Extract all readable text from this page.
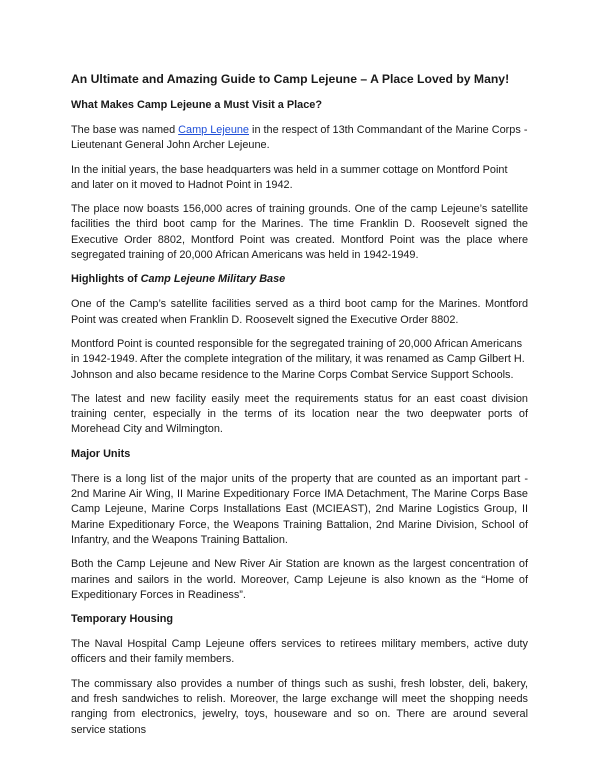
An Ultimate and Amazing Guide to Camp Lejeune – A Place Loved by Many!
What Makes Camp Lejeune a Must Visit a Place?

The base was named Camp Lejeune in the respect of 13th Commandant of the Marine Corps - Lieutenant General John Archer Lejeune.

In the initial years, the base headquarters was held in a summer cottage on Montford Point and later on it moved to Hadnot Point in 1942.

The place now boasts 156,000 acres of training grounds. One of the camp Lejeune’s satellite facilities the third boot camp for the Marines. The time Franklin D. Roosevelt signed the Executive Order 8802, Montford Point was created. Montford Point was the place where segregated training of 20,000 African Americans was held in 1942-1949.

Highlights of Camp Lejeune Military Base

One of the Camp’s satellite facilities served as a third boot camp for the Marines. Montford Point was created when Franklin D. Roosevelt signed the Executive Order 8802.

Montford Point is counted responsible for the segregated training of 20,000 African Americans in 1942-1949. After the complete integration of the military, it was renamed as Camp Gilbert H. Johnson and also became residence to the Marine Corps Combat Service Support Schools.

The latest and new facility easily meet the requirements status for an east coast division training center, especially in the terms of its location near the two deepwater ports of Morehead City and Wilmington.

Major Units

There is a long list of the major units of the property that are counted as an important part - 2nd Marine Air Wing, II Marine Expeditionary Force IMA Detachment, The Marine Corps Base Camp Lejeune, Marine Corps Installations East (MCIEAST), 2nd Marine Logistics Group, II Marine Expeditionary Force, the Weapons Training Battalion, 2nd Marine Division, School of Infantry, and the Weapons Training Battalion.

Both the Camp Lejeune and New River Air Station are known as the largest concentration of marines and sailors in the world. Moreover, Camp Lejeune is also known as the “Home of Expeditionary Forces in Readiness”.

Temporary Housing

The Naval Hospital Camp Lejeune offers services to retirees military members, active duty officers and their family members.

The commissary also provides a number of things such as sushi, fresh lobster, deli, bakery, and fresh sandwiches to relish. Moreover, the large exchange will meet the shopping needs ranging from electronics, jewelry, toys, houseware and so on. There are around several service stations
